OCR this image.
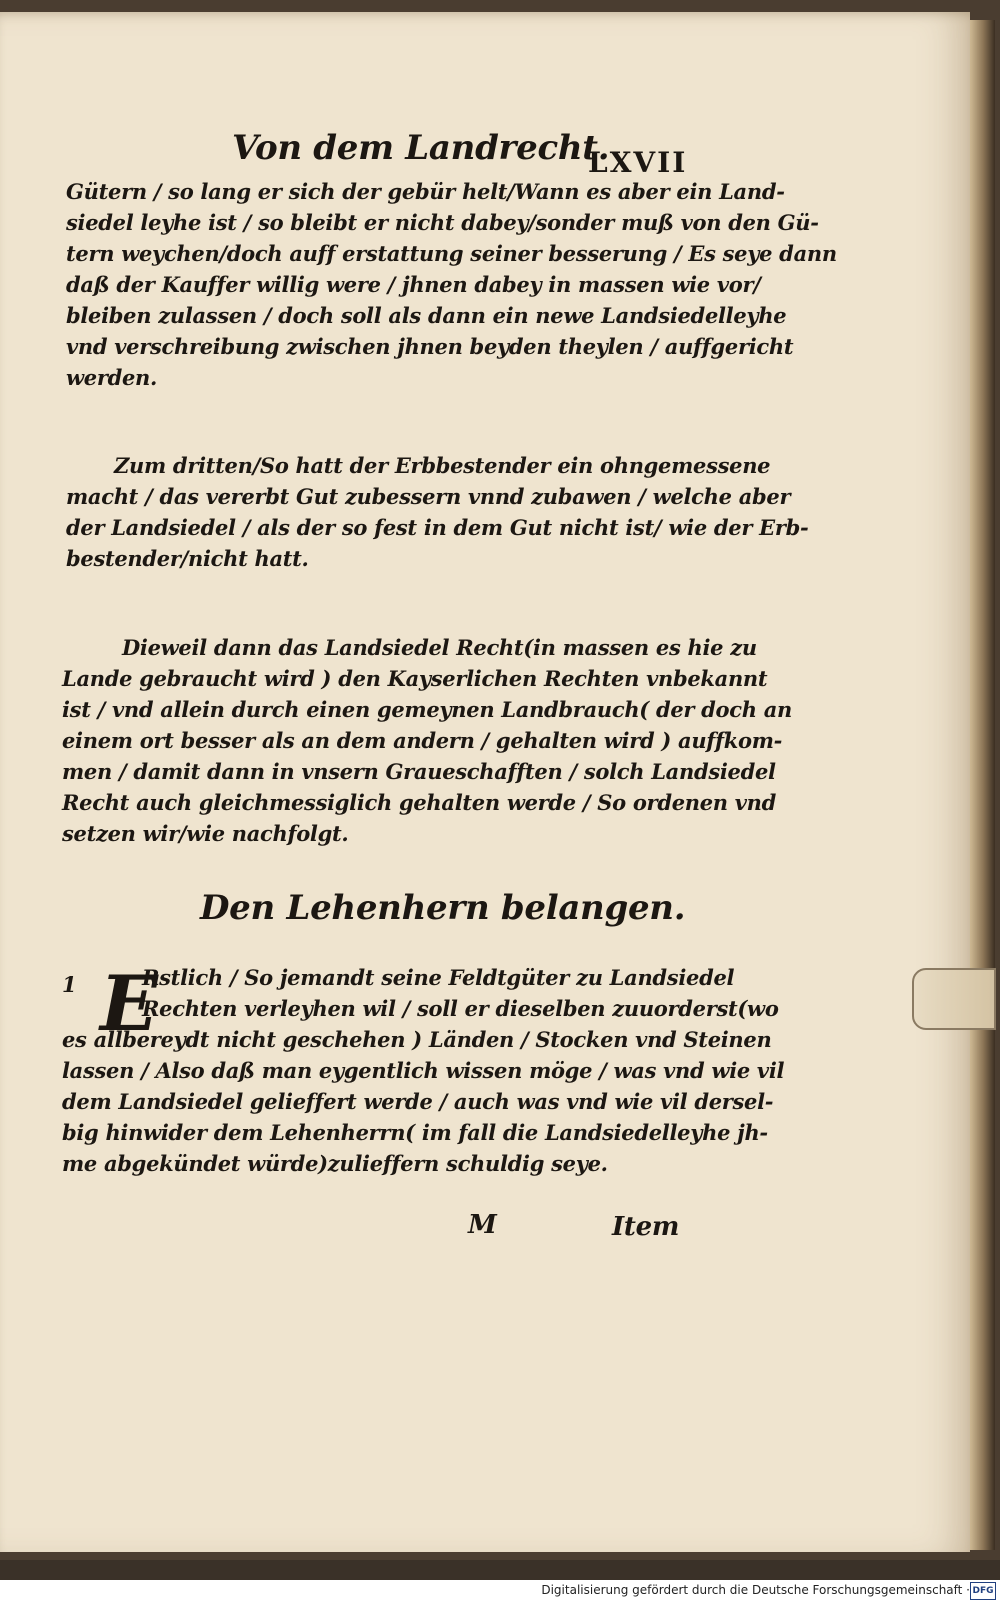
Von dem Landrecht.
LXVII
Gütern / so lang er sich der gebür helt/Wann es aber ein Land-
siedel leyhe ist / so bleibt er nicht dabey/sonder muß von den Gü-
tern weychen/doch auff erstattung seiner besserung / Es seye dann
daß der Kauffer willig were / jhnen dabey in massen wie vor/
bleiben zulassen / doch soll als dann ein newe Landsiedelleyhe
vnd verschreibung zwischen jhnen beyden theylen / auffgericht
werden.
Zum dritten/So hatt der Erbbestender ein ohngemessene
macht / das vererbt Gut zubessern vnnd zubawen / welche aber
der Landsiedel / als der so fest in dem Gut nicht ist/ wie der Erb-
bestender/nicht hatt.
Dieweil dann das Landsiedel Recht(in massen es hie zu
Lande gebraucht wird ) den Kayserlichen Rechten vnbekannt
ist / vnd allein durch einen gemeynen Landbrauch( der doch an
einem ort besser als an dem andern / gehalten wird ) auffkom-
men / damit dann in vnsern Graueschafften / solch Landsiedel
Recht auch gleichmessiglich gehalten werde / So ordenen vnd
setzen wir/wie nachfolgt.
Den Lehenhern belangen.
1 E
Rstlich / So jemandt seine Feldtgüter zu Landsiedel
Rechten verleyhen wil / soll er dieselben zuuorderst(wo
es allbereydt nicht geschehen ) Länden / Stocken vnd Steinen
lassen / Also daß man eygentlich wissen möge / was vnd wie vil
dem Landsiedel gelieffert werde / auch was vnd wie vil dersel-
big hinwider dem Lehenherrn( im fall die Landsiedelleyhe jh-
me abgekündet würde)zulieffern schuldig seye.
M	Item
Digitalisierung gefördert durch die Deutsche Forschungsgemeinschaft · DFG
